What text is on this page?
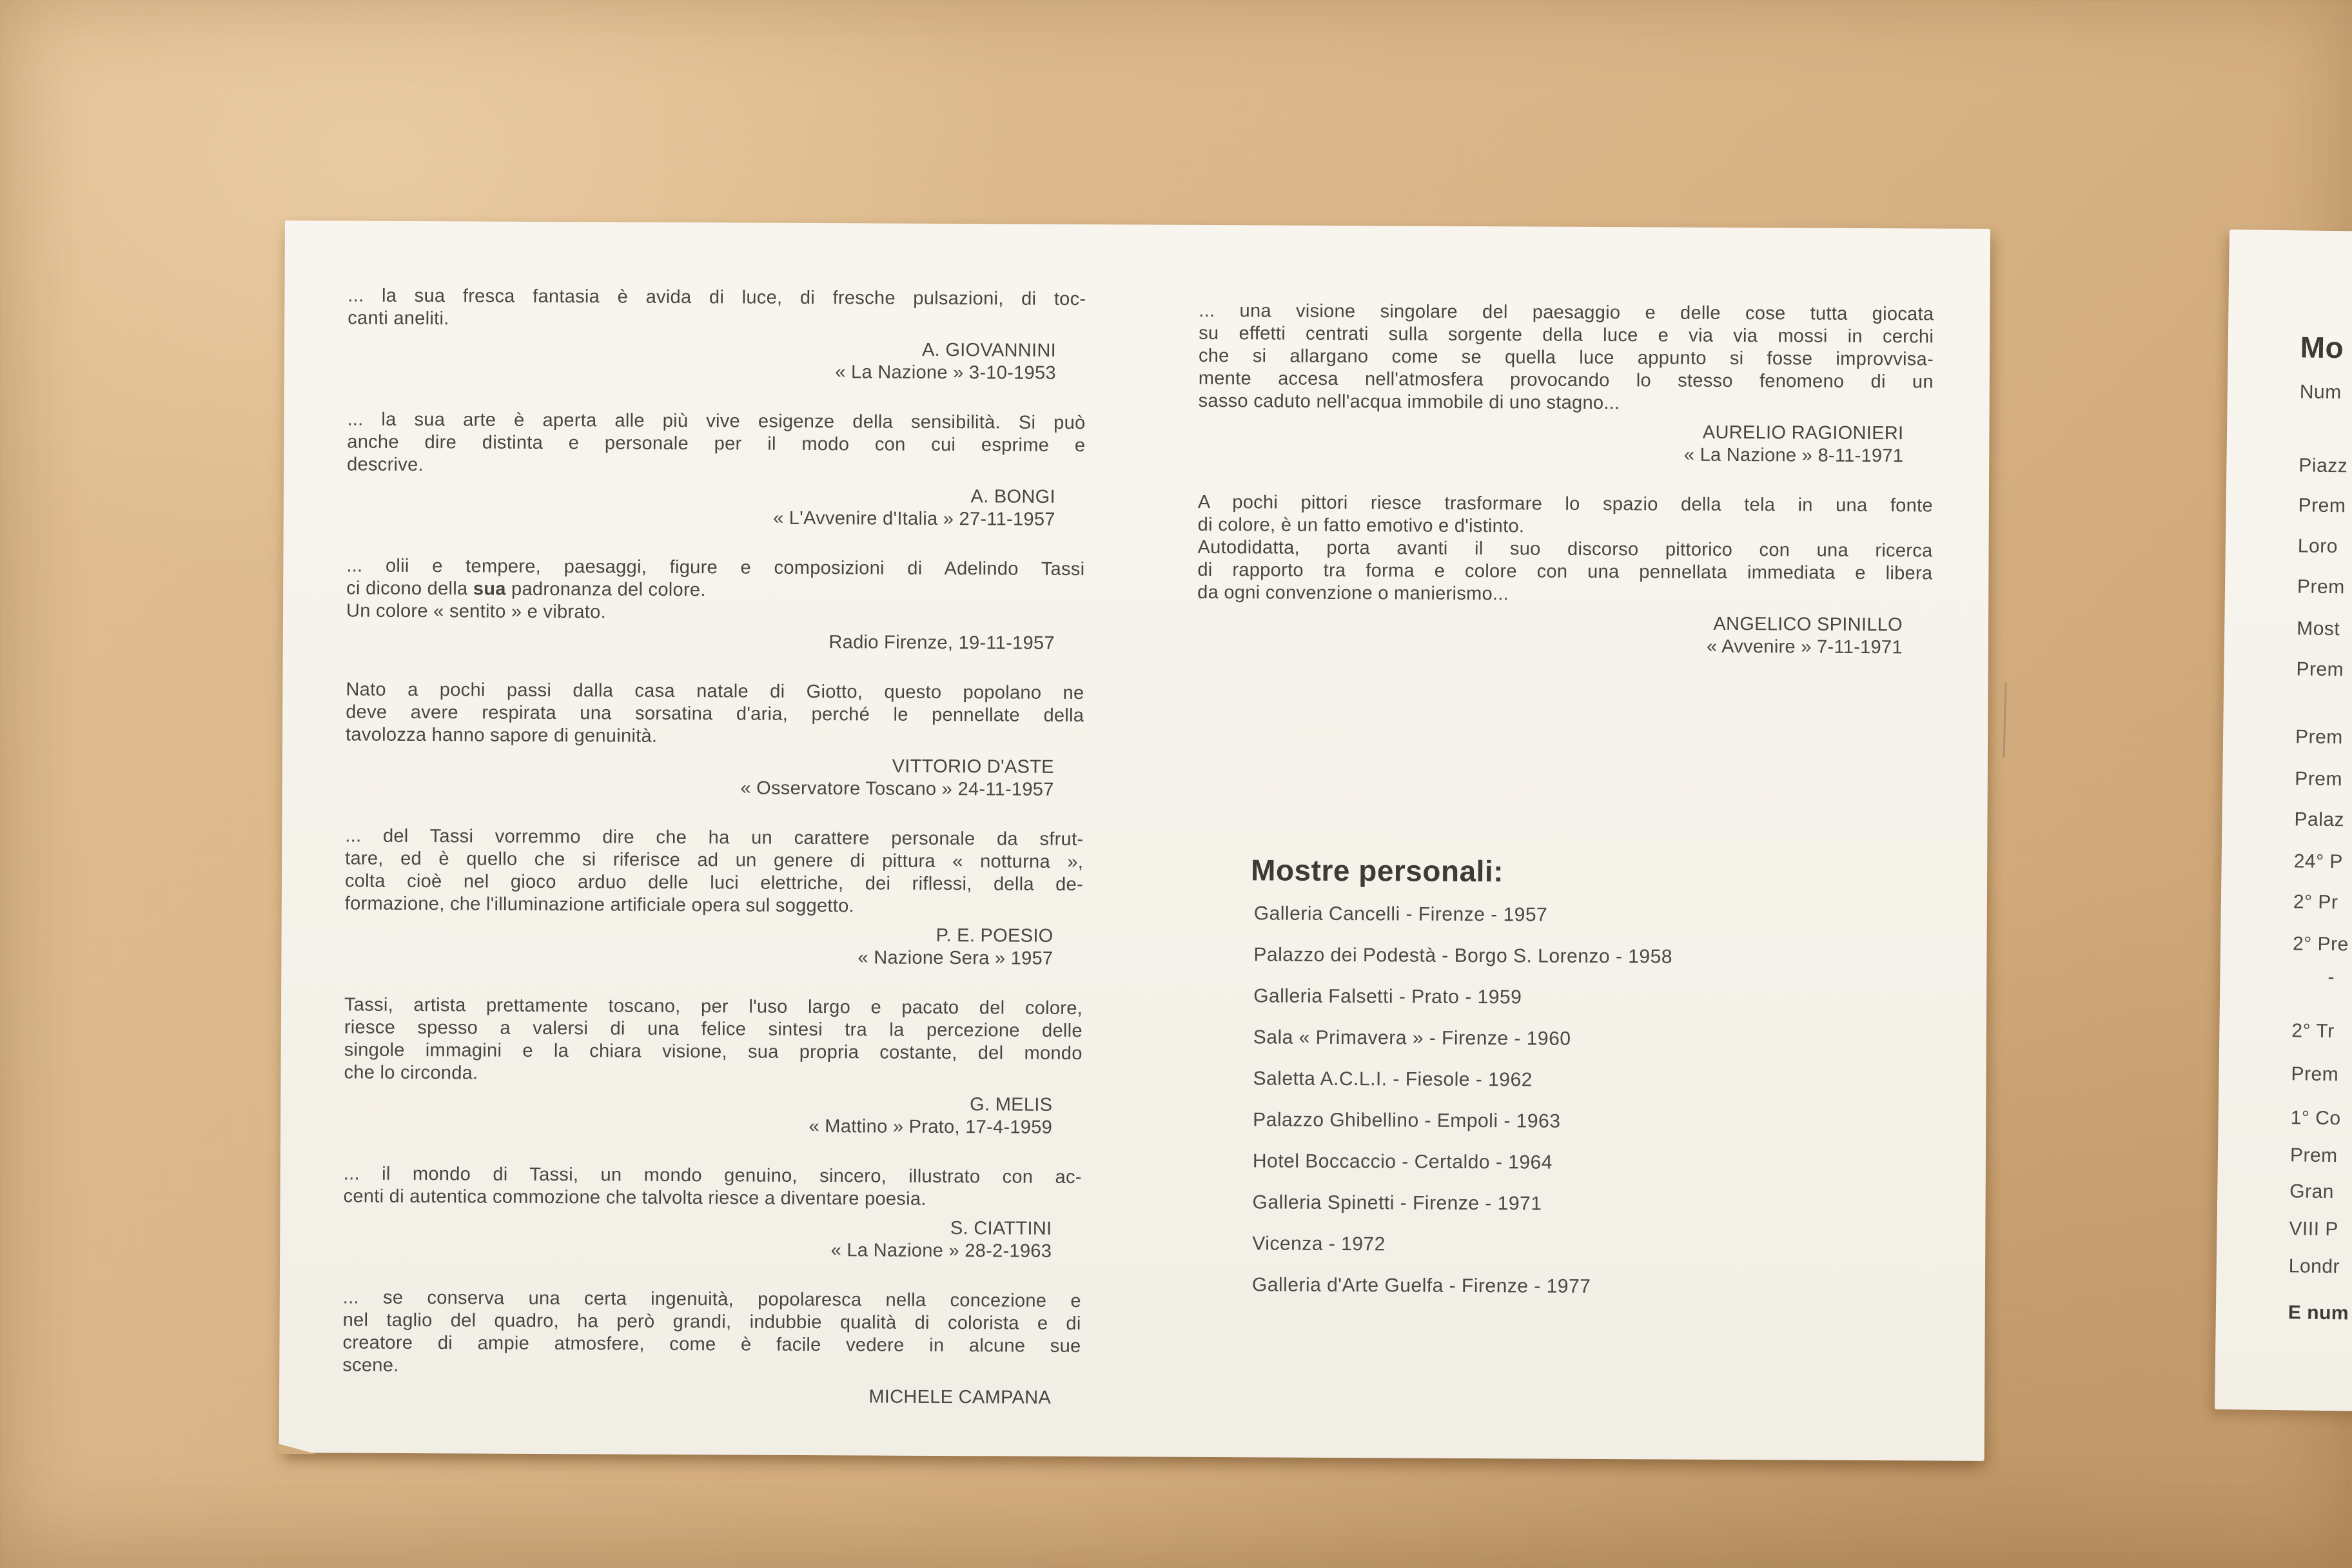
... la sua fresca fantasia è avida di luce, di fresche pulsazioni, di toc-
canti aneliti.
A. GIOVANNINI
« La Nazione » 3-10-1953
... la sua arte è aperta alle più vive esigenze della sensibilità. Si può
anche dire distinta e personale per il modo con cui esprime e
descrive.
A. BONGI
« L'Avvenire d'Italia » 27-11-1957
... olii e tempere, paesaggi, figure e composizioni di Adelindo Tassi
ci dicono della sua padronanza del colore.
Un colore « sentito » e vibrato.
Radio Firenze, 19-11-1957
Nato a pochi passi dalla casa natale di Giotto, questo popolano ne
deve avere respirata una sorsatina d'aria, perché le pennellate della
tavolozza hanno sapore di genuinità.
VITTORIO D'ASTE
« Osservatore Toscano » 24-11-1957
... del Tassi vorremmo dire che ha un carattere personale da sfrut-
tare, ed è quello che si riferisce ad un genere di pittura « notturna »,
colta cioè nel gioco arduo delle luci elettriche, dei riflessi, della de-
formazione, che l'illuminazione artificiale opera sul soggetto.
P. E. POESIO
« Nazione Sera » 1957
Tassi, artista prettamente toscano, per l'uso largo e pacato del colore,
riesce spesso a valersi di una felice sintesi tra la percezione delle
singole immagini e la chiara visione, sua propria costante, del mondo
che lo circonda.
G. MELIS
« Mattino » Prato, 17-4-1959
... il mondo di Tassi, un mondo genuino, sincero, illustrato con ac-
centi di autentica commozione che talvolta riesce a diventare poesia.
S. CIATTINI
« La Nazione » 28-2-1963
... se conserva una certa ingenuità, popolaresca nella concezione e
nel taglio del quadro, ha però grandi, indubbie qualità di colorista e di
creatore di ampie atmosfere, come è facile vedere in alcune sue
scene.
MICHELE CAMPANA
... una visione singolare del paesaggio e delle cose tutta giocata
su effetti centrati sulla sorgente della luce e via via mossi in cerchi
che si allargano come se quella luce appunto si fosse improvvisa-
mente accesa nell'atmosfera provocando lo stesso fenomeno di un
sasso caduto nell'acqua immobile di uno stagno...
AURELIO RAGIONIERI
« La Nazione » 8-11-1971
A pochi pittori riesce trasformare lo spazio della tela in una fonte
di colore, è un fatto emotivo e d'istinto.
Autodidatta, porta avanti il suo discorso pittorico con una ricerca
di rapporto tra forma e colore con una pennellata immediata e libera
da ogni convenzione o manierismo...
ANGELICO SPINILLO
« Avvenire » 7-11-1971
Mostre personali:
Galleria Cancelli - Firenze - 1957
Palazzo dei Podestà - Borgo S. Lorenzo - 1958
Galleria Falsetti - Prato - 1959
Sala « Primavera » - Firenze - 1960
Saletta A.C.L.I. - Fiesole - 1962
Palazzo Ghibellino - Empoli - 1963
Hotel Boccaccio - Certaldo - 1964
Galleria Spinetti - Firenze - 1971
Vicenza - 1972
Galleria d'Arte Guelfa - Firenze - 1977
Mo
Num
Piazz
Prem
Loro
Prem
Most
Prem
Prem
Prem
Palaz
24° P
2° Pr
2° Pre
-
2° Tr
Prem
1° Co
Prem
Gran
VIII P
Londr
E num
